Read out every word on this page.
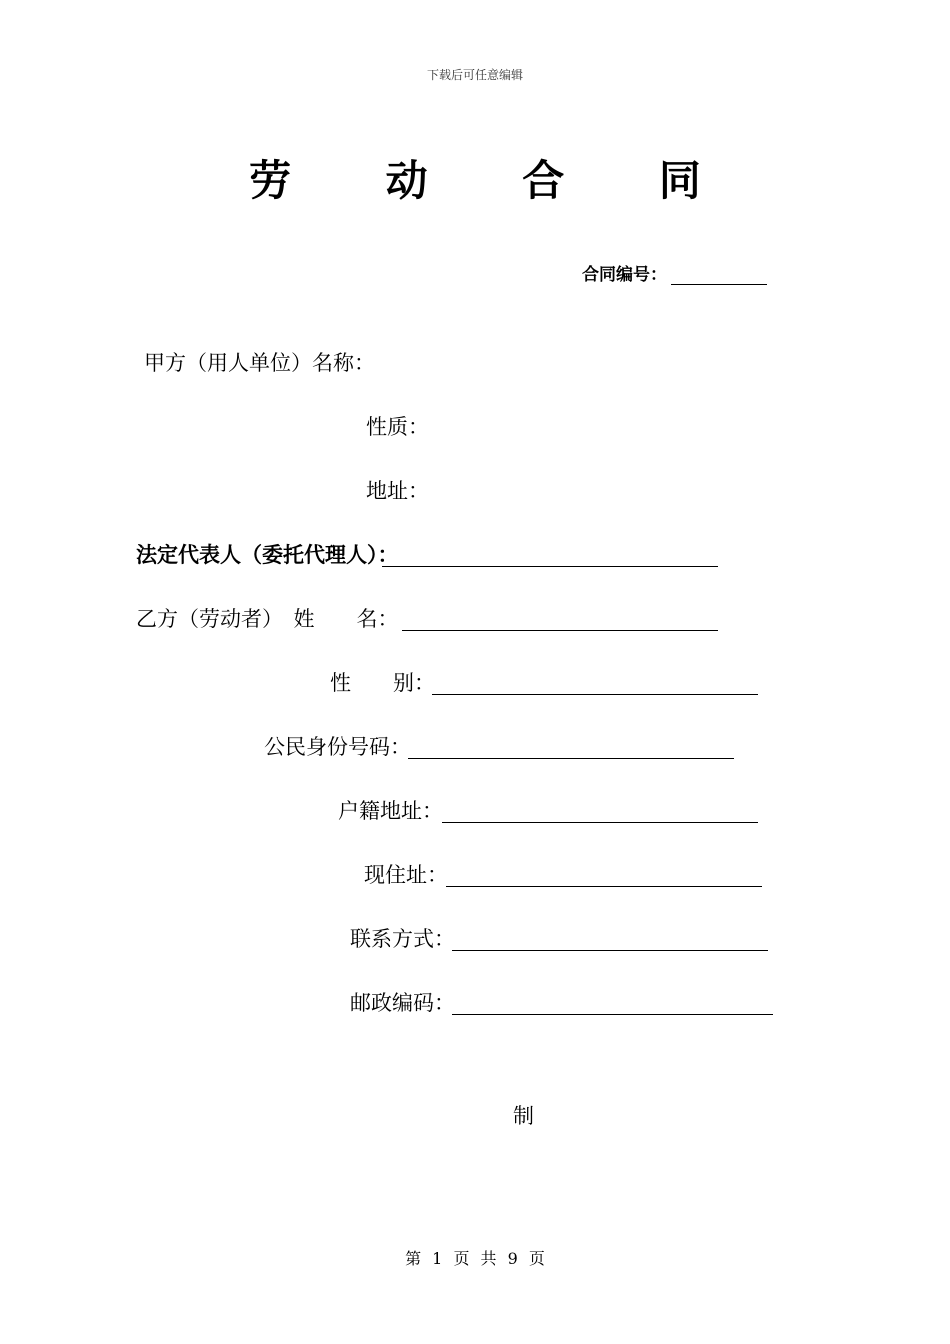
下载后可任意编辑
劳 动 合 同
合同编号：
甲方（用人单位）名称：
性质：
地址：
法定代表人（委托代理人）：
乙方（劳动者）　姓　　名：
性　　别：
公民身份号码：
户籍地址：
现住址：
联系方式：
邮政编码：
制
第 1 页 共 9 页
